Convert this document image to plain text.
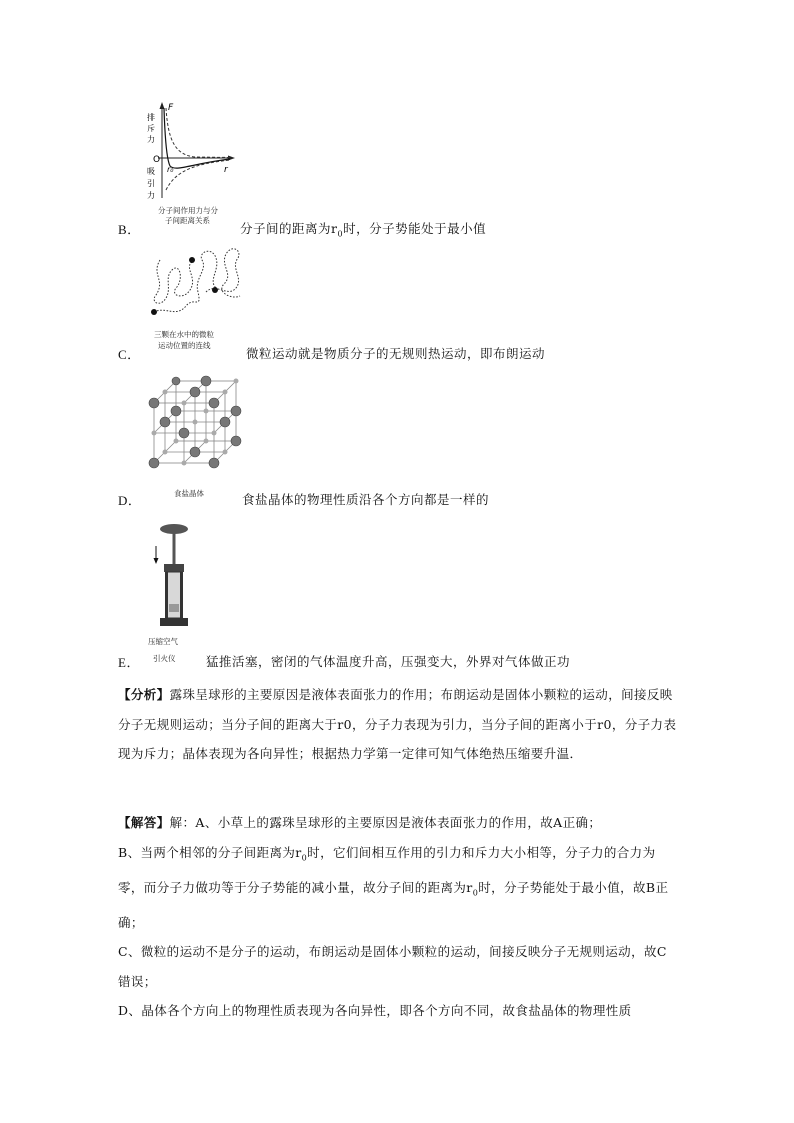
F
排
斥
力
O
r₀	r
吸
引
力
分子间作用力与分
子间距离关系
B．	分子间的距离为$r_0$时，分子势能处于最小值
三颗在水中的微粒
运动位置的连线
C．	微粒运动就是物质分子的无规则热运动，即布朗运动
食盐晶体
D．	食盐晶体的物理性质沿各个方向都是一样的
压缩空气
引火仪
E．	猛推活塞，密闭的气体温度升高，压强变大，外界对气体做正功

【分析】露珠呈球形的主要原因是液体表面张力的作用；布朗运动是固体小颗粒的运动，间接反映分子无规则运动；当分子间的距离大于r0，分子力表现为引力，当分子间的距离小于r0，分子力表现为斥力；晶体表现为各向异性；根据热力学第一定律可知气体绝热压缩要升温．

【解答】解：A、小草上的露珠呈球形的主要原因是液体表面张力的作用，故A正确；

B、当两个相邻的分子间距离为$r_0$时，它们间相互作用的引力和斥力大小相等，分子力的合力为零，而分子力做功等于分子势能的减小量，故分子间的距离为$r_0$时，分子势能处于最小值，故B正确；

C、微粒的运动不是分子的运动，布朗运动是固体小颗粒的运动，间接反映分子无规则运动，故C错误；

D、晶体各个方向上的物理性质表现为各向异性，即各个方向不同，故食盐晶体的物理性质
